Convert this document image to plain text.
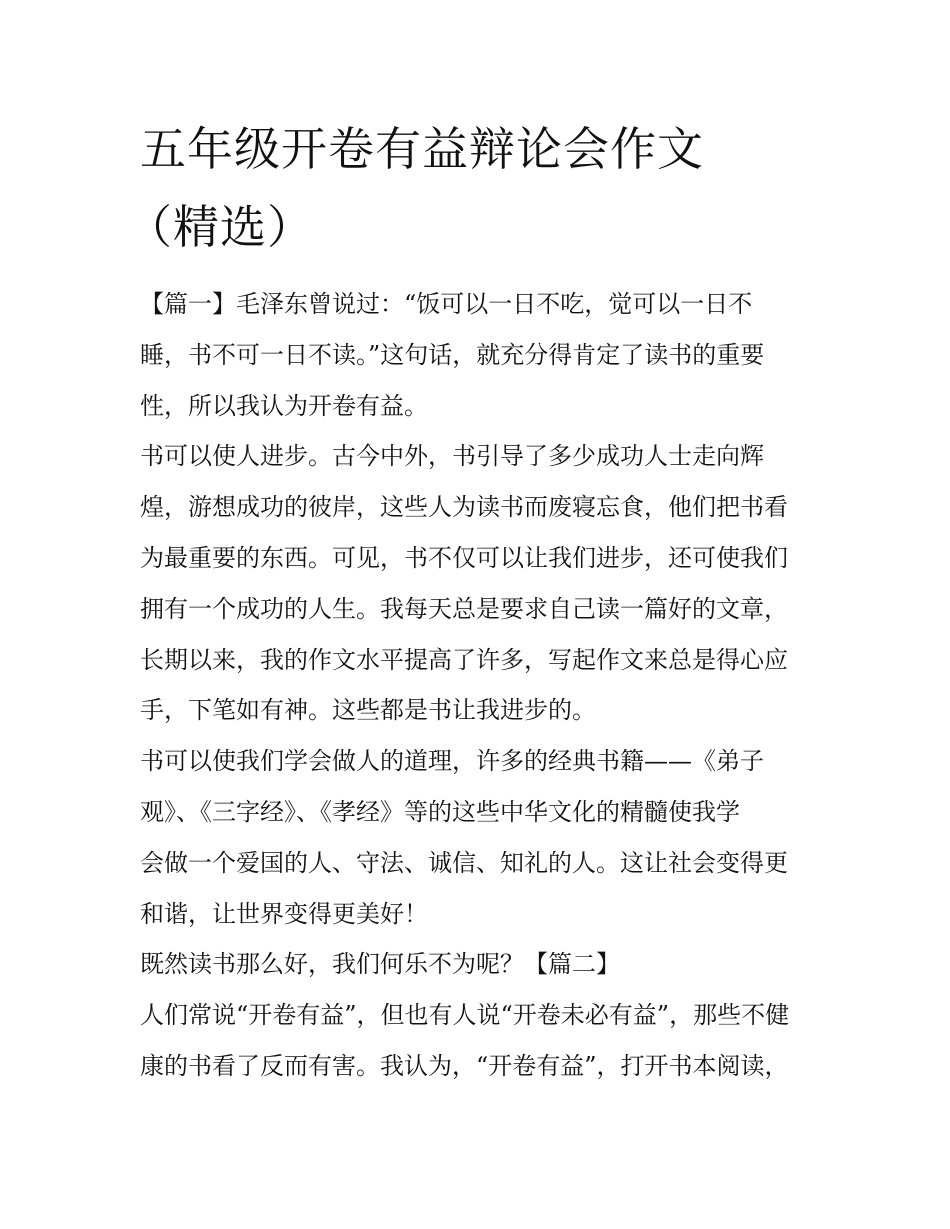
五年级开卷有益辩论会作文
（精选）
【篇一】毛泽东曾说过：“饭可以一日不吃，觉可以一日不
睡，书不可一日不读。”这句话，就充分得肯定了读书的重要
性，所以我认为开卷有益。
书可以使人进步。古今中外，书引导了多少成功人士走向辉
煌，游想成功的彼岸，这些人为读书而废寝忘食，他们把书看
为最重要的东西。可见，书不仅可以让我们进步，还可使我们
拥有一个成功的人生。我每天总是要求自己读一篇好的文章，
长期以来，我的作文水平提高了许多，写起作文来总是得心应
手，下笔如有神。这些都是书让我进步的。
书可以使我们学会做人的道理，许多的经典书籍——《弟子
观》、《三字经》、《孝经》等的这些中华文化的精髓使我学
会做一个爱国的人、守法、诚信、知礼的人。这让社会变得更
和谐，让世界变得更美好！
既然读书那么好，我们何乐不为呢？【篇二】
人们常说“开卷有益”，但也有人说“开卷未必有益”，那些不健
康的书看了反而有害。我认为，“开卷有益”，打开书本阅读，
